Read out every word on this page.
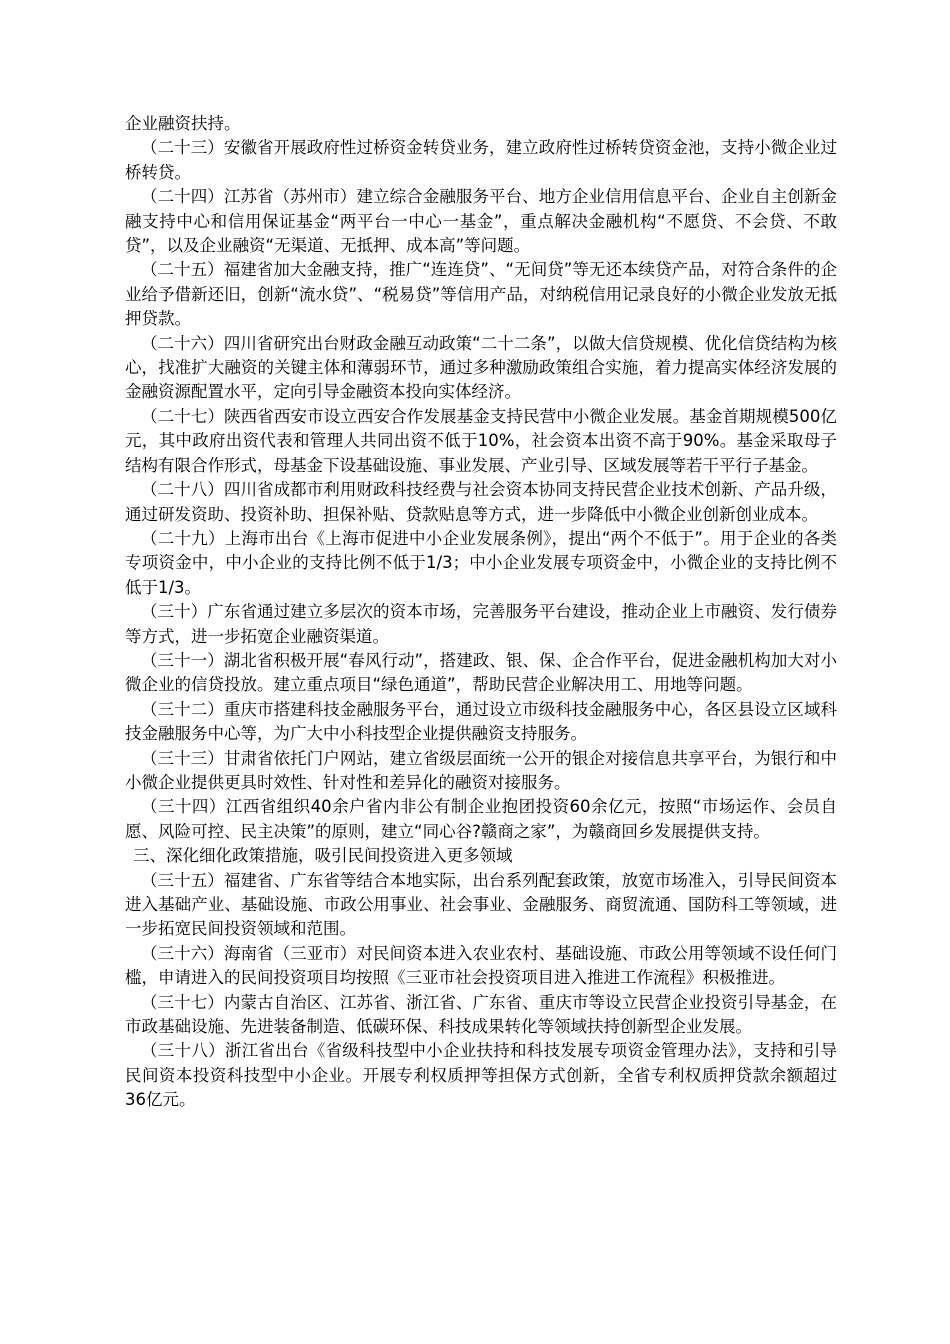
企业融资扶持。

（二十三）安徽省开展政府性过桥资金转贷业务，建立政府性过桥转贷资金池，支持小微企业过桥转贷。

（二十四）江苏省（苏州市）建立综合金融服务平台、地方企业信用信息平台、企业自主创新金融支持中心和信用保证基金“两平台一中心一基金”，重点解决金融机构“不愿贷、不会贷、不敢贷”，以及企业融资“无渠道、无抵押、成本高”等问题。

（二十五）福建省加大金融支持，推广“连连贷”、“无间贷”等无还本续贷产品，对符合条件的企业给予借新还旧，创新“流水贷”、“税易贷”等信用产品，对纳税信用记录良好的小微企业发放无抵押贷款。

（二十六）四川省研究出台财政金融互动政策“二十二条”，以做大信贷规模、优化信贷结构为核心，找准扩大融资的关键主体和薄弱环节，通过多种激励政策组合实施，着力提高实体经济发展的金融资源配置水平，定向引导金融资本投向实体经济。

（二十七）陕西省西安市设立西安合作发展基金支持民营中小微企业发展。基金首期规模500亿元，其中政府出资代表和管理人共同出资不低于10%，社会资本出资不高于90%。基金采取母子结构有限合作形式，母基金下设基础设施、事业发展、产业引导、区域发展等若干平行子基金。

（二十八）四川省成都市利用财政科技经费与社会资本协同支持民营企业技术创新、产品升级，通过研发资助、投资补助、担保补贴、贷款贴息等方式，进一步降低中小微企业创新创业成本。

（二十九）上海市出台《上海市促进中小企业发展条例》，提出“两个不低于”。用于企业的各类专项资金中，中小企业的支持比例不低于1/3；中小企业发展专项资金中，小微企业的支持比例不低于1/3。

（三十）广东省通过建立多层次的资本市场，完善服务平台建设，推动企业上市融资、发行债券等方式，进一步拓宽企业融资渠道。

（三十一）湖北省积极开展“春风行动”，搭建政、银、保、企合作平台，促进金融机构加大对小微企业的信贷投放。建立重点项目“绿色通道”，帮助民营企业解决用工、用地等问题。

（三十二）重庆市搭建科技金融服务平台，通过设立市级科技金融服务中心，各区县设立区域科技金融服务中心等，为广大中小科技型企业提供融资支持服务。

（三十三）甘肃省依托门户网站，建立省级层面统一公开的银企对接信息共享平台，为银行和中小微企业提供更具时效性、针对性和差异化的融资对接服务。

（三十四）江西省组织40余户省内非公有制企业抱团投资60余亿元，按照“市场运作、会员自愿、风险可控、民主决策”的原则，建立“同心谷?赣商之家”，为赣商回乡发展提供支持。

三、深化细化政策措施，吸引民间投资进入更多领域

（三十五）福建省、广东省等结合本地实际，出台系列配套政策，放宽市场准入，引导民间资本进入基础产业、基础设施、市政公用事业、社会事业、金融服务、商贸流通、国防科工等领域，进一步拓宽民间投资领域和范围。

（三十六）海南省（三亚市）对民间资本进入农业农村、基础设施、市政公用等领域不设任何门槛，申请进入的民间投资项目均按照《三亚市社会投资项目进入推进工作流程》积极推进。

（三十七）内蒙古自治区、江苏省、浙江省、广东省、重庆市等设立民营企业投资引导基金，在市政基础设施、先进装备制造、低碳环保、科技成果转化等领域扶持创新型企业发展。

（三十八）浙江省出台《省级科技型中小企业扶持和科技发展专项资金管理办法》，支持和引导民间资本投资科技型中小企业。开展专利权质押等担保方式创新，全省专利权质押贷款余额超过36亿元。
